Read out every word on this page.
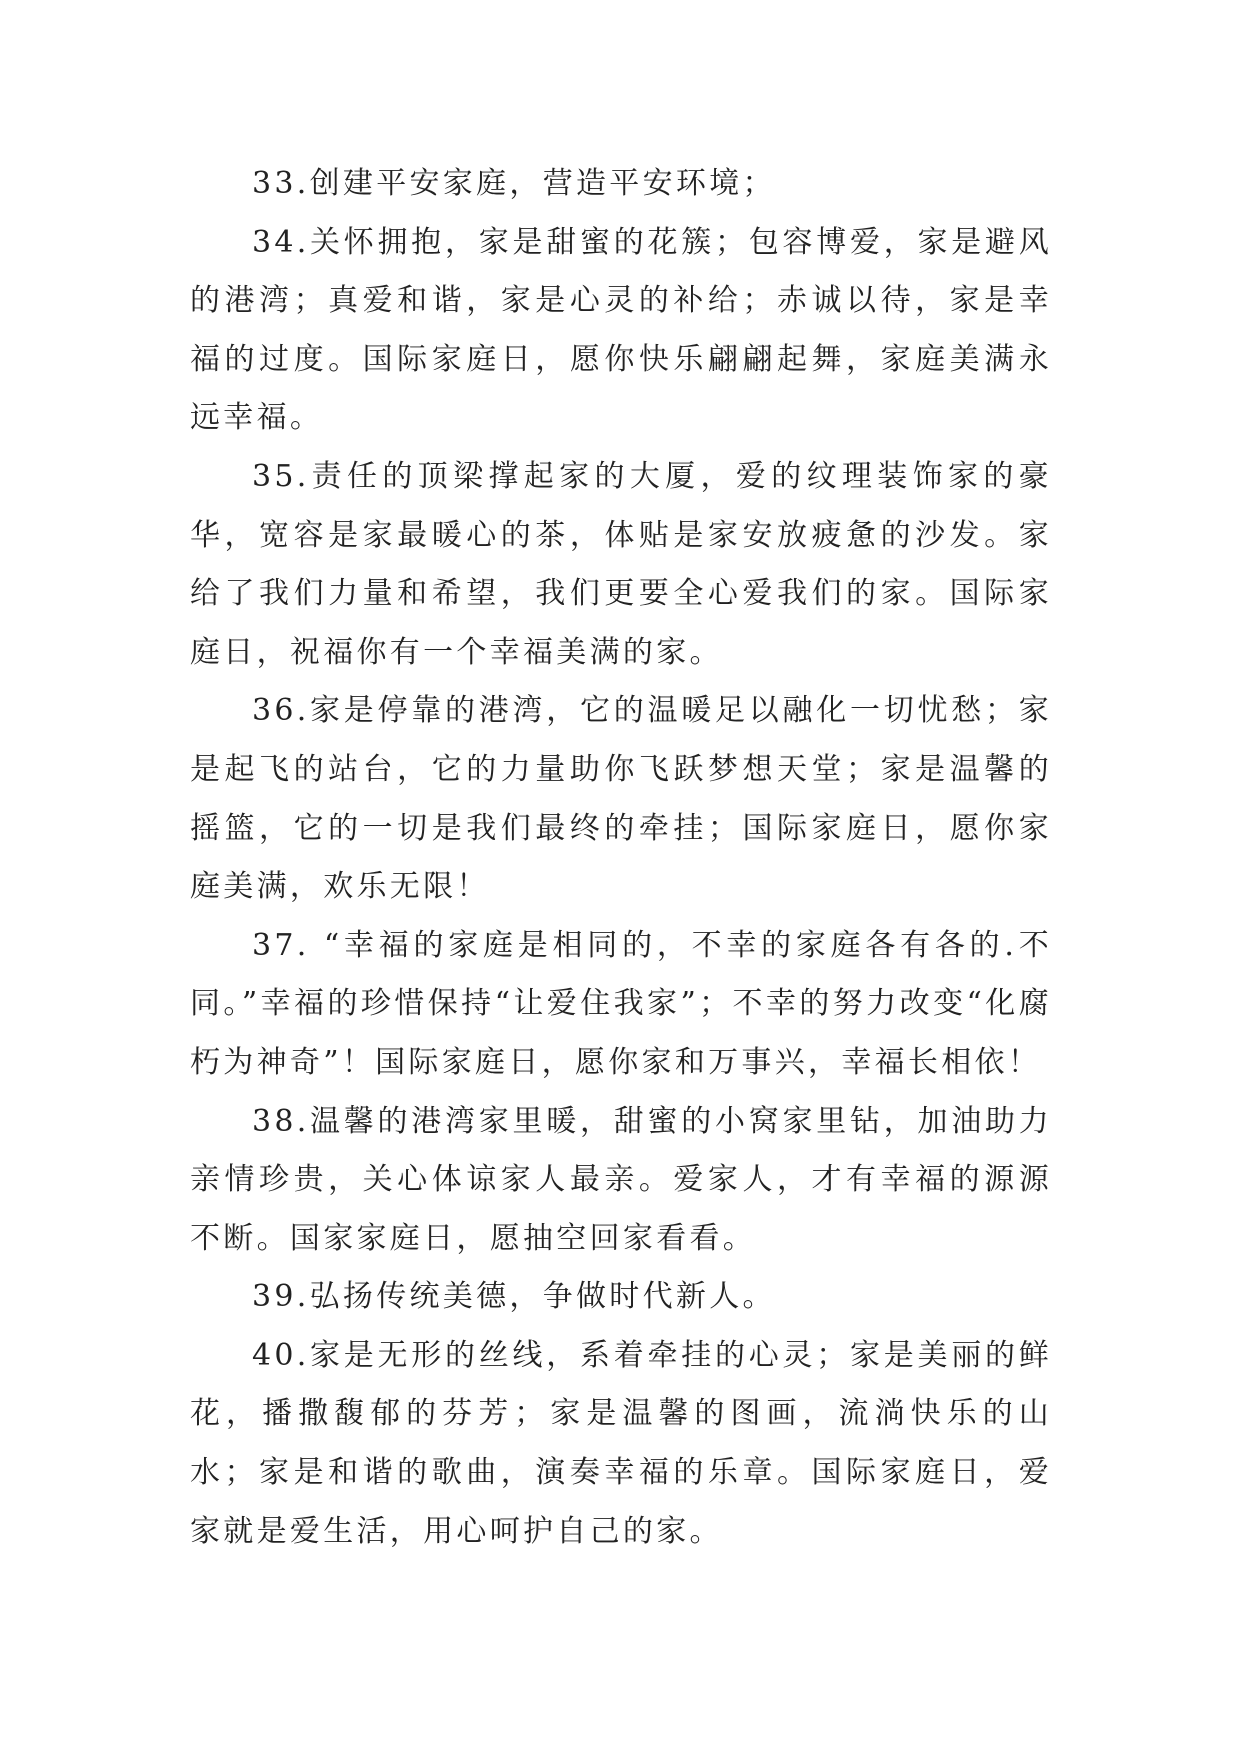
33.创建平安家庭，营造平安环境；

34.关怀拥抱，家是甜蜜的花簇；包容博爱，家是避风的港湾；真爱和谐，家是心灵的补给；赤诚以待，家是幸福的过度。国际家庭日，愿你快乐翩翩起舞，家庭美满永远幸福。

35.责任的顶梁撑起家的大厦，爱的纹理装饰家的豪华，宽容是家最暖心的茶，体贴是家安放疲惫的沙发。家给了我们力量和希望，我们更要全心爱我们的家。国际家庭日，祝福你有一个幸福美满的家。

36.家是停靠的港湾，它的温暖足以融化一切忧愁；家是起飞的站台，它的力量助你飞跃梦想天堂；家是温馨的摇篮，它的一切是我们最终的牵挂；国际家庭日，愿你家庭美满，欢乐无限！

37. “幸福的家庭是相同的，不幸的家庭各有各的.不同。”幸福的珍惜保持“让爱住我家”；不幸的努力改变“化腐朽为神奇”！国际家庭日，愿你家和万事兴，幸福长相依！

38.温馨的港湾家里暖，甜蜜的小窝家里钻，加油助力亲情珍贵，关心体谅家人最亲。爱家人，才有幸福的源源不断。国家家庭日，愿抽空回家看看。

39.弘扬传统美德，争做时代新人。

40.家是无形的丝线，系着牵挂的心灵；家是美丽的鲜花，播撒馥郁的芬芳；家是温馨的图画，流淌快乐的山水；家是和谐的歌曲，演奏幸福的乐章。国际家庭日，爱家就是爱生活，用心呵护自己的家。
